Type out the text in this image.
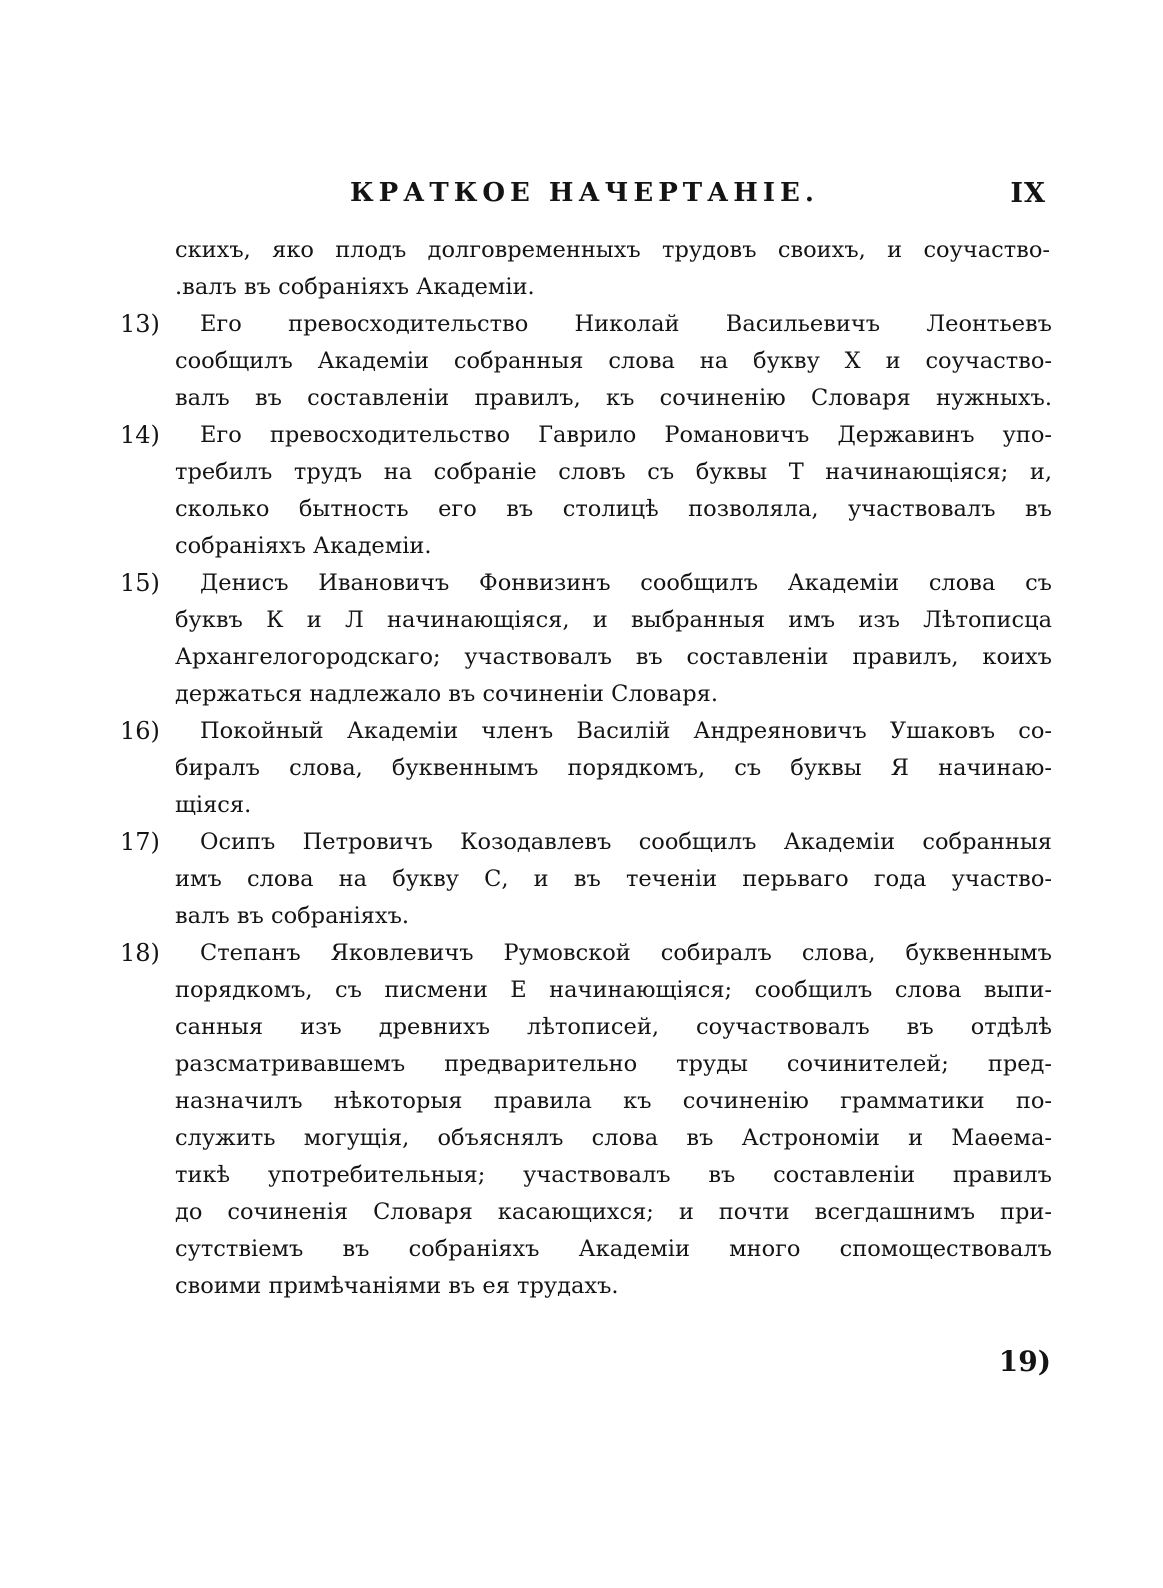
КРАТКОЕ НАЧЕРТАНІЕ.	IX
скихъ, яко плодъ долговременныхъ трудовъ своихъ, и соучаство-
.валъ въ собраніяхъ Академіи.
13) Его превосходительство Николай Васильевичъ Леонтьевъ
сообщилъ Академіи собранныя слова на букву X и соучаство-
валъ въ составленіи правилъ, къ сочиненію Словаря нужныхъ.
14) Его превосходительство Гаврило Романовичъ Державинъ упо-
требилъ трудъ на собраніе словъ съ буквы T начинающіяся; и,
сколько бытность его въ столицѣ позволяла, участвовалъ въ
собраніяхъ Академіи.
15) Денисъ Ивановичъ Фонвизинъ сообщилъ Академіи слова съ
буквъ К и Л начинающіяся, и выбранныя имъ изъ Лѣтописца
Архангелогородскаго; участвовалъ въ составленіи правилъ, коихъ
держаться надлежало въ сочиненіи Словаря.
16) Покойный Академіи членъ Василій Андреяновичъ Ушаковъ со-
биралъ слова, буквеннымъ порядкомъ, съ буквы Я начинаю-
щіяся.
17) Осипъ Петровичъ Козодавлевъ сообщилъ Академіи собранныя
имъ слова на букву С, и въ теченіи перьваго года участво-
валъ въ собраніяхъ.
18) Степанъ Яковлевичъ Румовской собиралъ слова, буквеннымъ
порядкомъ, съ писмени Е начинающіяся; сообщилъ слова выпи-
санныя изъ древнихъ лѣтописей, соучаствовалъ въ отдѣлѣ
разсматривавшемъ предварительно труды сочинителей; пред-
назначилъ нѣкоторыя правила къ сочиненію грамматики по-
служить могущія, объяснялъ слова въ Астрономіи и Маѳема-
тикѣ употребительныя; участвовалъ въ составленіи правилъ
до сочиненія Словаря касающихся; и почти всегдашнимъ при-
сутствіемъ въ собраніяхъ Академіи много спомоществовалъ
своими примѣчаніями въ ея трудахъ.
19)
